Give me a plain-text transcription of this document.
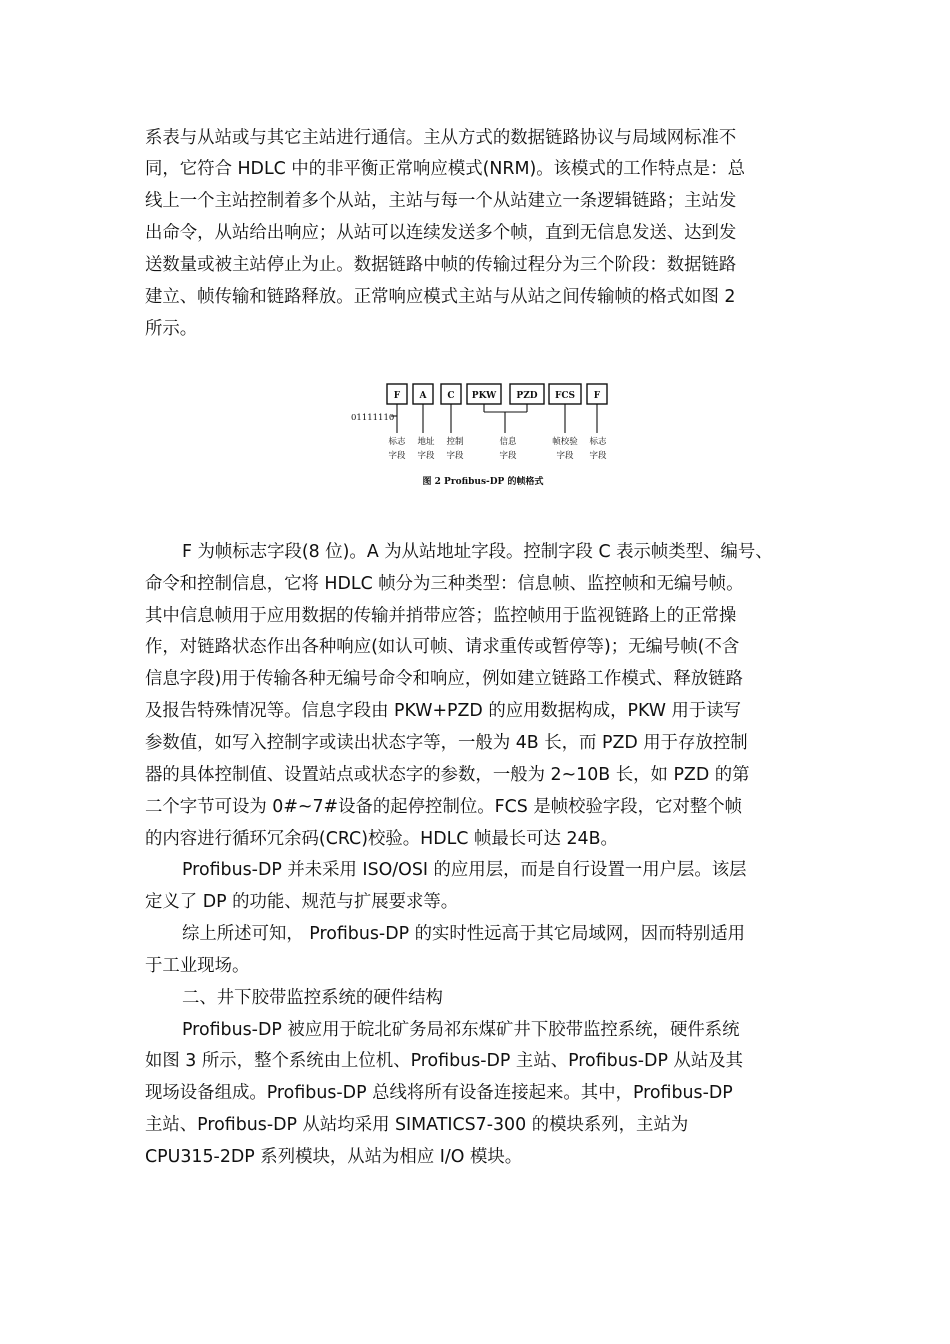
系表与从站或与其它主站进行通信。主从方式的数据链路协议与局域网标准不
同，它符合 HDLC 中的非平衡正常响应模式(NRM)。该模式的工作特点是：总
线上一个主站控制着多个从站，主站与每一个从站建立一条逻辑链路；主站发
出命令，从站给出响应；从站可以连续发送多个帧，直到无信息发送、达到发
送数量或被主站停止为止。数据链路中帧的传输过程分为三个阶段：数据链路
建立、帧传输和链路释放。正常响应模式主站与从站之间传输帧的格式如图 2
所示。
F A C PKW PZD FCS F
01111110
标志
字段
地址
字段
控制
字段
信息
字段
帧校验
字段
标志
字段
图 2 Profibus-DP 的帧格式
F 为帧标志字段(8 位)。A 为从站地址字段。控制字段 C 表示帧类型、编号、
命令和控制信息，它将 HDLC 帧分为三种类型：信息帧、监控帧和无编号帧。
其中信息帧用于应用数据的传输并捎带应答；监控帧用于监视链路上的正常操
作，对链路状态作出各种响应(如认可帧、请求重传或暂停等)；无编号帧(不含
信息字段)用于传输各种无编号命令和响应，例如建立链路工作模式、释放链路
及报告特殊情况等。信息字段由 PKW+PZD 的应用数据构成，PKW 用于读写
参数值，如写入控制字或读出状态字等，一般为 4B 长，而 PZD 用于存放控制
器的具体控制值、设置站点或状态字的参数，一般为 2~10B 长，如 PZD 的第
二个字节可设为 0#~7#设备的起停控制位。FCS 是帧校验字段，它对整个帧
的内容进行循环冗余码(CRC)校验。HDLC 帧最长可达 24B。
Profibus-DP 并未采用 ISO/OSI 的应用层，而是自行设置一用户层。该层
定义了 DP 的功能、规范与扩展要求等。
综上所述可知， Profibus-DP 的实时性远高于其它局域网，因而特别适用
于工业现场。
二、井下胶带监控系统的硬件结构
Profibus-DP 被应用于皖北矿务局祁东煤矿井下胶带监控系统，硬件系统
如图 3 所示，整个系统由上位机、Profibus-DP 主站、Profibus-DP 从站及其
现场设备组成。Profibus-DP 总线将所有设备连接起来。其中，Profibus-DP
主站、Profibus-DP 从站均采用 SIMATICS7-300 的模块系列，主站为
CPU315-2DP 系列模块，从站为相应 I/O 模块。
